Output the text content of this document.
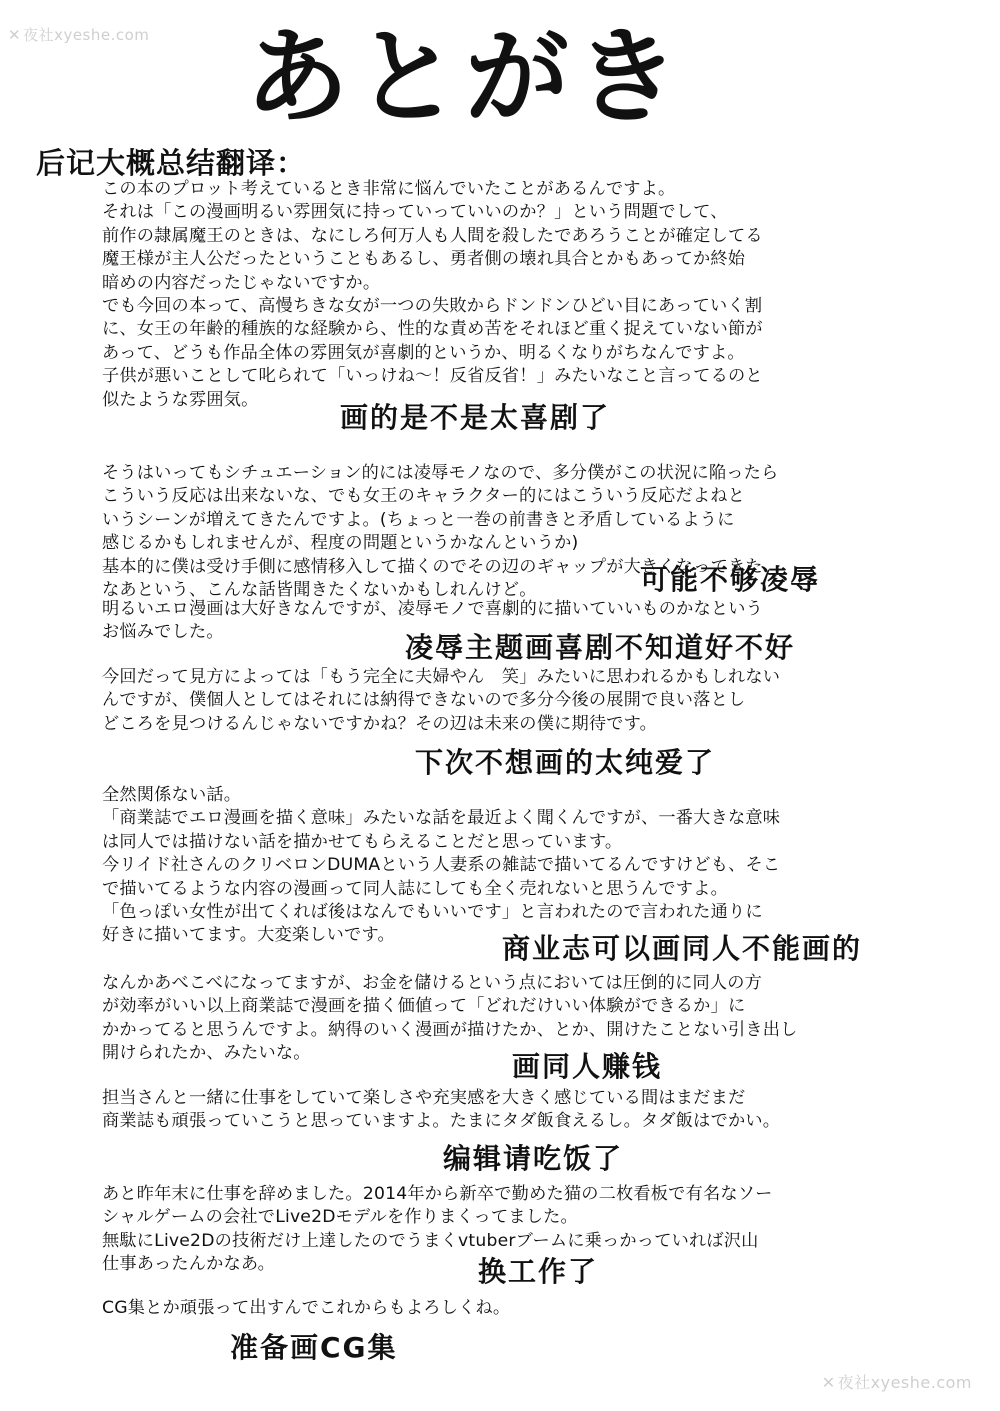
✕ 夜社xyeshe.com あとがき
后记大概总结翻译：
この本のプロット考えているとき非常に悩んでいたことがあるんですよ。
それは「この漫画明るい雰囲気に持っていっていいのか？」という問題でして、
前作の隷属魔王のときは、なにしろ何万人も人間を殺したであろうことが確定してる
魔王様が主人公だったということもあるし、勇者側の壊れ具合とかもあってか終始
暗めの内容だったじゃないですか。
でも今回の本って、高慢ちきな女が一つの失敗からドンドンひどい目にあっていく割
に、女王の年齢的種族的な経験から、性的な責め苦をそれほど重く捉えていない節が
あって、どうも作品全体の雰囲気が喜劇的というか、明るくなりがちなんですよ。
子供が悪いことして叱られて「いっけね～！反省反省！」みたいなこと言ってるのと
似たような雰囲気。
画的是不是太喜剧了
そうはいってもシチュエーション的には凌辱モノなので、多分僕がこの状況に陥ったら
こういう反応は出来ないな、でも女王のキャラクター的にはこういう反応だよねと
いうシーンが増えてきたんですよ。(ちょっと一巻の前書きと矛盾しているように
感じるかもしれませんが、程度の問題というかなんというか)
基本的に僕は受け手側に感情移入して描くのでその辺のギャップが大きくなってきた
なあという、こんな話皆聞きたくないかもしれんけど。	可能不够凌辱
明るいエロ漫画は大好きなんですが、凌辱モノで喜劇的に描いていいものかなという
お悩みでした。	凌辱主题画喜剧不知道好不好
今回だって見方によっては「もう完全に夫婦やん　笑」みたいに思われるかもしれない
んですが、僕個人としてはそれには納得できないので多分今後の展開で良い落とし
どころを見つけるんじゃないですかね？その辺は未来の僕に期待です。
下次不想画的太纯爱了
全然関係ない話。
「商業誌でエロ漫画を描く意味」みたいな話を最近よく聞くんですが、一番大きな意味
は同人では描けない話を描かせてもらえることだと思っています。
今リイド社さんのクリベロンDUMAという人妻系の雑誌で描いてるんですけども、そこ
で描いてるような内容の漫画って同人誌にしても全く売れないと思うんですよ。
「色っぽい女性が出てくれば後はなんでもいいです」と言われたので言われた通りに
好きに描いてます。大変楽しいです。	商业志可以画同人不能画的
なんかあべこべになってますが、お金を儲けるという点においては圧倒的に同人の方
が効率がいい以上商業誌で漫画を描く価値って「どれだけいい体験ができるか」に
かかってると思うんですよ。納得のいく漫画が描けたか、とか、開けたことない引き出し
開けられたか、みたいな。	画同人赚钱
担当さんと一緒に仕事をしていて楽しさや充実感を大きく感じている間はまだまだ
商業誌も頑張っていこうと思っていますよ。たまにタダ飯食えるし。タダ飯はでかい。
编辑请吃饭了
あと昨年末に仕事を辞めました。2014年から新卒で勤めた猫の二枚看板で有名なソー
シャルゲームの会社でLive2Dモデルを作りまくってました。
無駄にLive2Dの技術だけ上達したのでうまくvtuberブームに乗っかっていれば沢山
仕事あったんかなあ。	换工作了
CG集とか頑張って出すんでこれからもよろしくね。
准备画CG集
✕ 夜社xyeshe.com
